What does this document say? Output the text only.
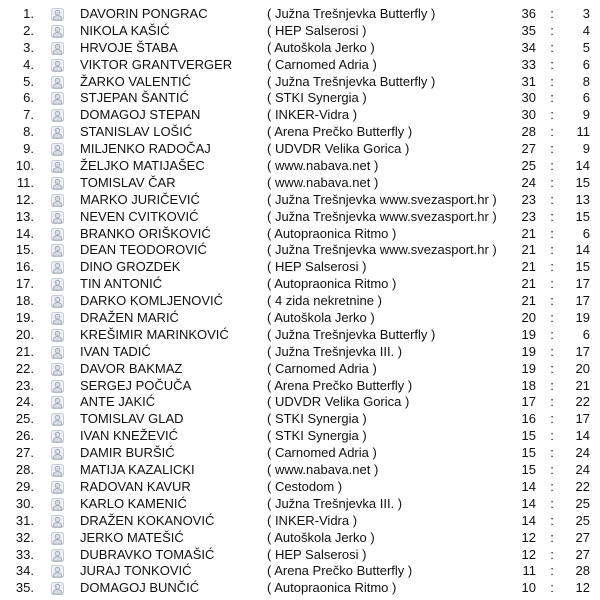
1.	DAVORIN PONGRAC	( Južna Trešnjevka Butterfly )	36 :	3
2.	NIKOLA KAŠIĆ	( HEP Salserosi )	35 :	4
3.	HRVOJE ŠTABA	( Autoškola Jerko )	34 :	5
4.	VIKTOR GRANTVERGER	( Carnomed Adria )	33 :	6
5.	ŽARKO VALENTIĆ	( Južna Trešnjevka Butterfly )	31 :	8
6.	STJEPAN ŠANTIĆ	( STKI Synergia )	30 :	6
7.	DOMAGOJ STEPAN	( INKER-Vidra )	30 :	9
8.	STANISLAV LOŠIĆ	( Arena Prečko Butterfly )	28 :	11
9.	MILJENKO RADOČAJ	( UDVDR Velika Gorica )	27 :	9
10.	ŽELJKO MATIJAŠEC	( www.nabava.net )	25 :	14
11.	TOMISLAV ČAR	( www.nabava.net )	24 :	15
12.	MARKO JURIČEVIĆ	( Južna Trešnjevka www.svezasport.hr )	23 :	13
13.	NEVEN CVITKOVIĆ	( Južna Trešnjevka www.svezasport.hr )	23 :	15
14.	BRANKO ORIŠKOVIĆ	( Autopraonica Ritmo )	21 :	6
15.	DEAN TEODOROVIĆ	( Južna Trešnjevka www.svezasport.hr )	21 :	14
16.	DINO GROZDEK	( HEP Salserosi )	21 :	15
17.	TIN ANTONIĆ	( Autopraonica Ritmo )	21 :	17
18.	DARKO KOMLJENOVIĆ	( 4 zida nekretnine )	21 :	17
19.	DRAŽEN MARIĆ	( Autoškola Jerko )	20 :	19
20.	KREŠIMIR MARINKOVIĆ	( Južna Trešnjevka Butterfly )	19 :	6
21.	IVAN TADIĆ	( Južna Trešnjevka III. )	19 :	17
22.	DAVOR BAKMAZ	( Carnomed Adria )	19 :	20
23.	SERGEJ POČUČA	( Arena Prečko Butterfly )	18 :	21
24.	ANTE JAKIĆ	( UDVDR Velika Gorica )	17 :	22
25.	TOMISLAV GLAD	( STKI Synergia )	16 :	17
26.	IVAN KNEŽEVIĆ	( STKI Synergia )	15 :	14
27.	DAMIR BURŠIĆ	( Carnomed Adria )	15 :	24
28.	MATIJA KAZALICKI	( www.nabava.net )	15 :	24
29.	RADOVAN KAVUR	( Cestodom )	14 :	22
30.	KARLO KAMENIĆ	( Južna Trešnjevka III. )	14 :	25
31.	DRAŽEN KOKANOVIĆ	( INKER-Vidra )	14 :	25
32.	JERKO MATEŠIĆ	( Autoškola Jerko )	12 :	27
33.	DUBRAVKO TOMAŠIĆ	( HEP Salserosi )	12 :	27
34.	JURAJ TONKOVIĆ	( Arena Prečko Butterfly )	11 :	28
35.	DOMAGOJ BUNČIĆ	( Autopraonica Ritmo )	10 :	12
